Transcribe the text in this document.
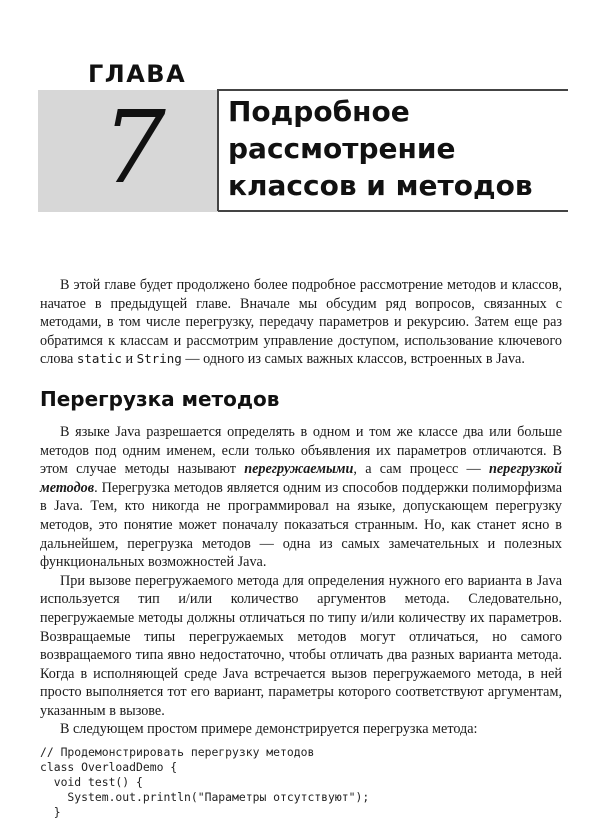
ГЛАВА
7 Подробное
рассмотрение
классов и методов

В этой главе будет продолжено более подробное рассмотрение методов и классов, начатое в предыдущей главе. Вначале мы обсудим ряд вопросов, связанных с методами, в том числе перегрузку, передачу параметров и рекурсию. Затем еще раз обратимся к классам и рассмотрим управление доступом, использование ключевого слова static и String — одного из самых важных классов, встроенных в Java.

Перегрузка методов

В языке Java разрешается определять в одном и том же классе два или больше методов под одним именем, если только объявления их параметров отличаются. В этом случае методы называют перегружаемыми, а сам процесс — перегрузкой методов. Перегрузка методов является одним из способов поддержки полиморфизма в Java. Тем, кто никогда не программировал на языке, допускающем перегрузку методов, это понятие может поначалу показаться странным. Но, как станет ясно в дальнейшем, перегрузка методов — одна из самых замечательных и полезных функциональных возможностей Java.

При вызове перегружаемого метода для определения нужного его варианта в Java используется тип и/или количество аргументов метода. Следовательно, перегружаемые методы должны отличаться по типу и/или количеству их параметров. Возвращаемые типы перегружаемых методов могут отличаться, но самого возвращаемого типа явно недостаточно, чтобы отличать два разных варианта метода. Когда в исполняющей среде Java встречается вызов перегружаемого метода, в ней просто выполняется тот его вариант, параметры которого соответствуют аргументам, указанным в вызове.

В следующем простом примере демонстрируется перегрузка метода:

// Продемонстрировать перегрузку методов
class OverloadDemo {
void test() {
System.out.println("Параметры отсутствуют");
}
